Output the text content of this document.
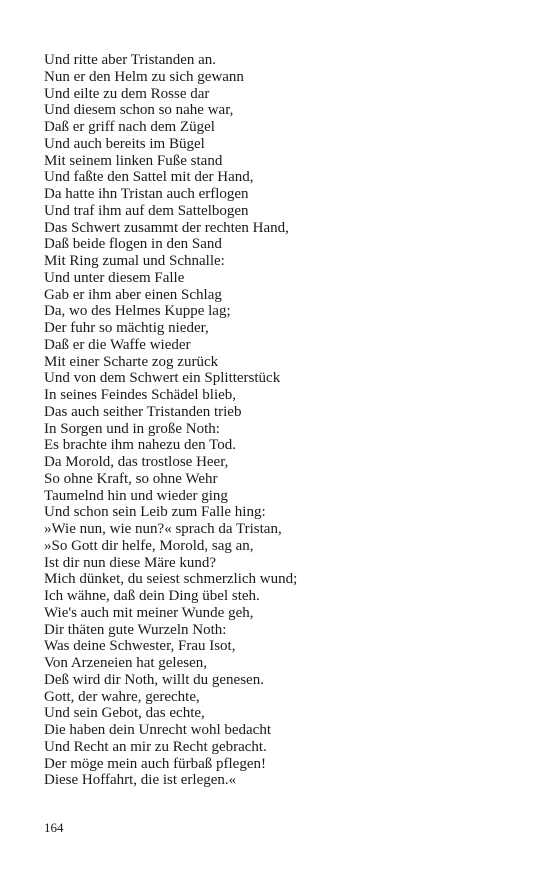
Und ritte aber Tristanden an.
Nun er den Helm zu sich gewann
Und eilte zu dem Rosse dar
Und diesem schon so nahe war,
Daß er griff nach dem Zügel
Und auch bereits im Bügel
Mit seinem linken Fuße stand
Und faßte den Sattel mit der Hand,
Da hatte ihn Tristan auch erflogen
Und traf ihm auf dem Sattelbogen
Das Schwert zusammt der rechten Hand,
Daß beide flogen in den Sand
Mit Ring zumal und Schnalle:
Und unter diesem Falle
Gab er ihm aber einen Schlag
Da, wo des Helmes Kuppe lag;
Der fuhr so mächtig nieder,
Daß er die Waffe wieder
Mit einer Scharte zog zurück
Und von dem Schwert ein Splitterstück
In seines Feindes Schädel blieb,
Das auch seither Tristanden trieb
In Sorgen und in große Noth:
Es brachte ihm nahezu den Tod.
Da Morold, das trostlose Heer,
So ohne Kraft, so ohne Wehr
Taumelnd hin und wieder ging
Und schon sein Leib zum Falle hing:
»Wie nun, wie nun?« sprach da Tristan,
»So Gott dir helfe, Morold, sag an,
Ist dir nun diese Märe kund?
Mich dünket, du seiest schmerzlich wund;
Ich wähne, daß dein Ding übel steh.
Wie's auch mit meiner Wunde geh,
Dir thäten gute Wurzeln Noth:
Was deine Schwester, Frau Isot,
Von Arzeneien hat gelesen,
Deß wird dir Noth, willt du genesen.
Gott, der wahre, gerechte,
Und sein Gebot, das echte,
Die haben dein Unrecht wohl bedacht
Und Recht an mir zu Recht gebracht.
Der möge mein auch fürbaß pflegen!
Diese Hoffahrt, die ist erlegen.«
164
